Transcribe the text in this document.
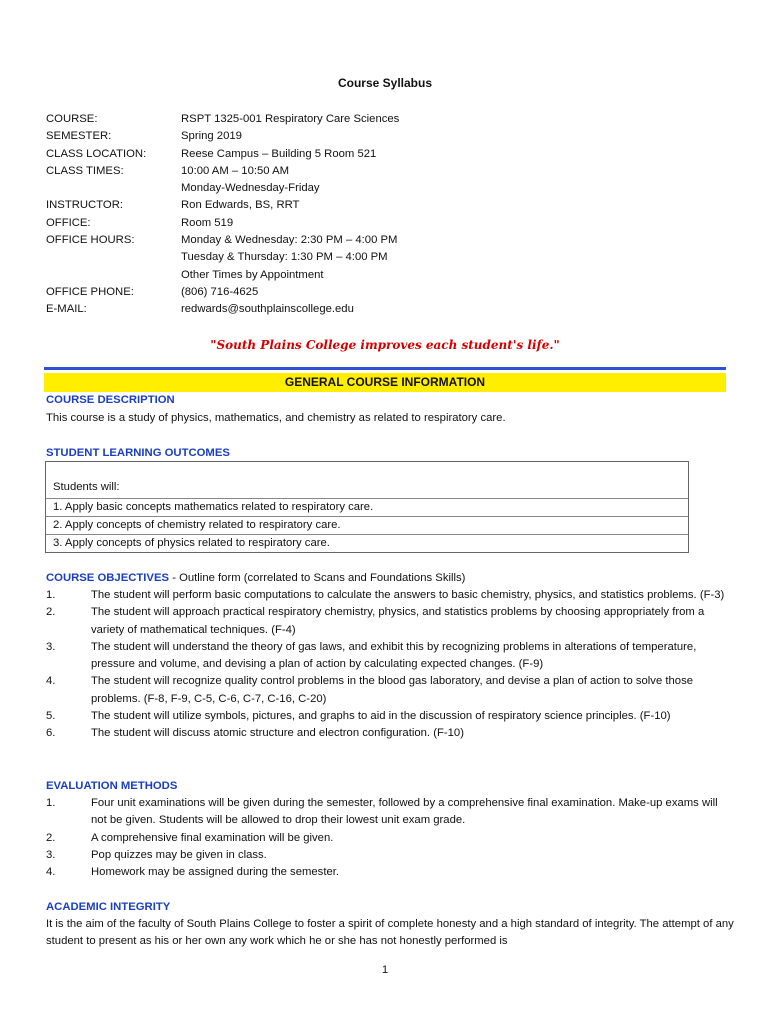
Course Syllabus
COURSE:	RSPT 1325-001 Respiratory Care Sciences
SEMESTER:	Spring 2019
CLASS LOCATION:	Reese Campus – Building 5 Room 521
CLASS TIMES:	10:00 AM – 10:50 AM
Monday-Wednesday-Friday
INSTRUCTOR:	Ron Edwards, BS, RRT
OFFICE:	Room 519
OFFICE HOURS:	Monday & Wednesday: 2:30 PM – 4:00 PM
Tuesday & Thursday: 1:30 PM – 4:00 PM
Other Times by Appointment
OFFICE PHONE:	(806) 716-4625
E-MAIL:	redwards@southplainscollege.edu
"South Plains College improves each student's life."
GENERAL COURSE INFORMATION
COURSE DESCRIPTION
This course is a study of physics, mathematics, and chemistry as related to respiratory care.
STUDENT LEARNING OUTCOMES
Students will:
1. Apply basic concepts mathematics related to respiratory care.
2. Apply concepts of chemistry related to respiratory care.
3. Apply concepts of physics related to respiratory care.
COURSE OBJECTIVES - Outline form (correlated to Scans and Foundations Skills)
1.	The student will perform basic computations to calculate the answers to basic chemistry, physics, and statistics problems. (F-3)
2.	The student will approach practical respiratory chemistry, physics, and statistics problems by choosing appropriately from a variety of mathematical techniques. (F-4)
3.	The student will understand the theory of gas laws, and exhibit this by recognizing problems in alterations of temperature, pressure and volume, and devising a plan of action by calculating expected changes. (F-9)
4.	The student will recognize quality control problems in the blood gas laboratory, and devise a plan of action to solve those problems. (F-8, F-9, C-5, C-6, C-7, C-16, C-20)
5.	The student will utilize symbols, pictures, and graphs to aid in the discussion of respiratory science principles. (F-10)
6.	The student will discuss atomic structure and electron configuration. (F-10)
EVALUATION METHODS
1.	Four unit examinations will be given during the semester, followed by a comprehensive final examination. Make-up exams will not be given. Students will be allowed to drop their lowest unit exam grade.
2.	A comprehensive final examination will be given.
3.	Pop quizzes may be given in class.
4.	Homework may be assigned during the semester.
ACADEMIC INTEGRITY
It is the aim of the faculty of South Plains College to foster a spirit of complete honesty and a high standard of integrity. The attempt of any student to present as his or her own any work which he or she has not honestly performed is
1
